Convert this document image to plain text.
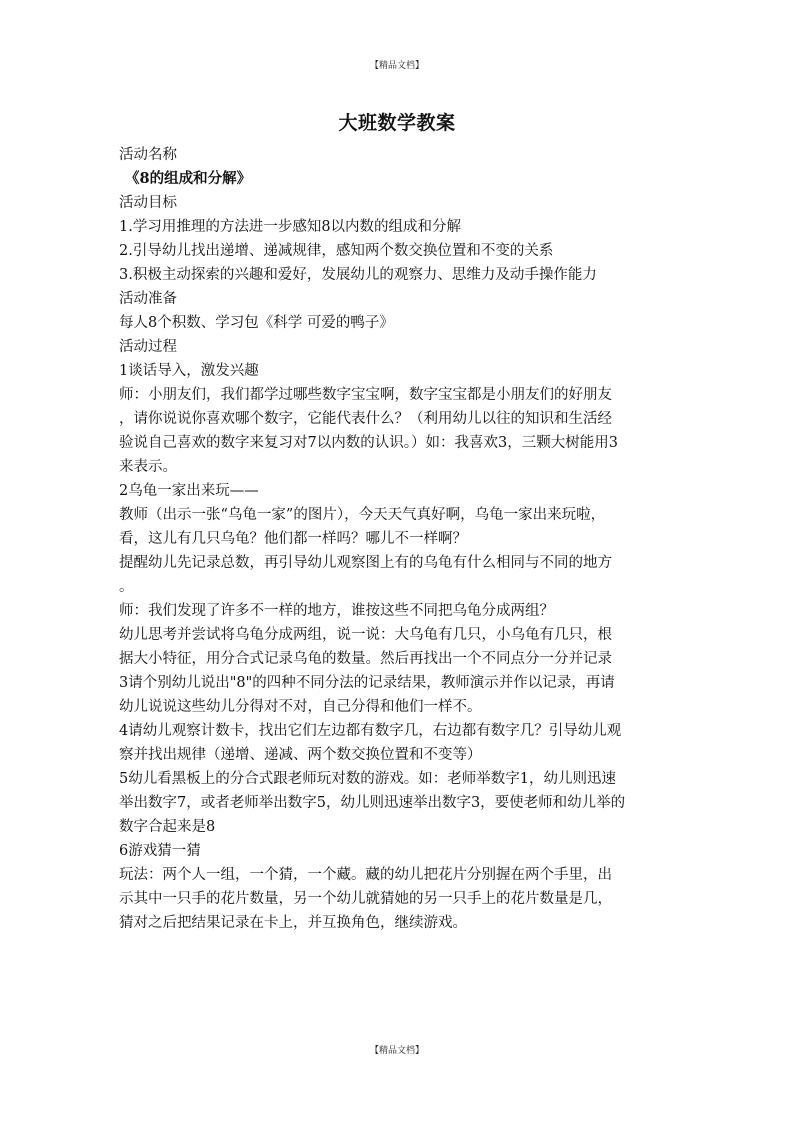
【精品文档】
大班数学教案

活动名称

《8的组成和分解》

活动目标

1.学习用推理的方法进一步感知8以内数的组成和分解

2.引导幼儿找出递增、递减规律，感知两个数交换位置和不变的关系

3.积极主动探索的兴趣和爱好，发展幼儿的观察力、思维力及动手操作能力

活动准备

每人8个积数、学习包《科学 可爱的鸭子》

活动过程

1谈话导入，激发兴趣

师：小朋友们，我们都学过哪些数字宝宝啊，数字宝宝都是小朋友们的好朋友

，请你说说你喜欢哪个数字，它能代表什么？（利用幼儿以往的知识和生活经

验说自己喜欢的数字来复习对7以内数的认识。）如：我喜欢3，三颗大树能用3

来表示。

2乌龟一家出来玩——

教师（出示一张“乌龟一家”的图片），今天天气真好啊，乌龟一家出来玩啦，

看，这儿有几只乌龟？他们都一样吗？哪儿不一样啊？

提醒幼儿先记录总数，再引导幼儿观察图上有的乌龟有什么相同与不同的地方

。

师：我们发现了许多不一样的地方，谁按这些不同把乌龟分成两组？

幼儿思考并尝试将乌龟分成两组，说一说：大乌龟有几只，小乌龟有几只，根

据大小特征，用分合式记录乌龟的数量。然后再找出一个不同点分一分并记录

3请个别幼儿说出"8"的四种不同分法的记录结果，教师演示并作以记录，再请

幼儿说说这些幼儿分得对不对，自己分得和他们一样不。

4请幼儿观察计数卡，找出它们左边都有数字几，右边都有数字几？引导幼儿观

察并找出规律（递增、递减、两个数交换位置和不变等）

5幼儿看黑板上的分合式跟老师玩对数的游戏。如：老师举数字1，幼儿则迅速

举出数字7，或者老师举出数字5，幼儿则迅速举出数字3，要使老师和幼儿举的

数字合起来是8

6游戏猜一猜

玩法：两个人一组，一个猜，一个藏。藏的幼儿把花片分别握在两个手里，出

示其中一只手的花片数量，另一个幼儿就猜她的另一只手上的花片数量是几，

猜对之后把结果记录在卡上，并互换角色，继续游戏。

【精品文档】
